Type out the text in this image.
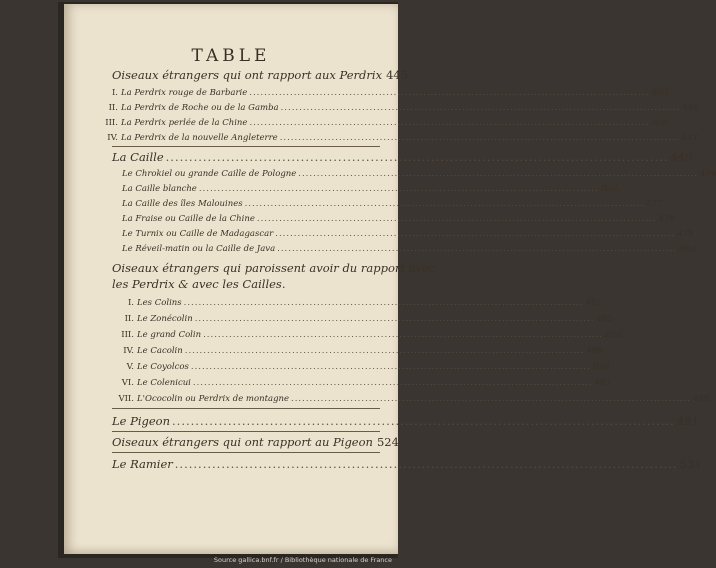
TABLE
Oiseaux étrangers qui ont rapport aux Perdrix 445
I. La Perdrix rouge de Barbarie .....	Ibid.
II. La Perdrix de Roche ou de la Gamba .....	446
III. La Perdrix perlée de la Chine .....	Ibid.
IV. La Perdrix de la nouvelle Angleterre .....	447
La Caille .....	449
Le Chrokiel ou grande Caille de Pologne .....	476
La Caille blanche .....	Ibid.
La Caille des îles Malouines .....	477
La Fraise ou Caille de la Chine .....	478
Le Turnix ou Caille de Madagascar .....	479
Le Réveil-matin ou la Caille de Java .....	Ibid.
Oiseaux étrangers qui paroissent avoir du rapport avec
les Perdrix & avec les Cailles.
I. Les Colins .....	482
II. Le Zonécolin .....	485
III. Le grand Colin .....	Ibid.
IV. Le Cacolin .....	486
V. Le Coyolcos .....	Ibid.
VI. Le Colenicui .....	487
VII. L'Ococolin ou Perdrix de montagne .....	489
Le Pigeon .....	491
Oiseaux étrangers qui ont rapport au Pigeon 524
Le Ramier .....	531
Source gallica.bnf.fr / Bibliothèque nationale de France
